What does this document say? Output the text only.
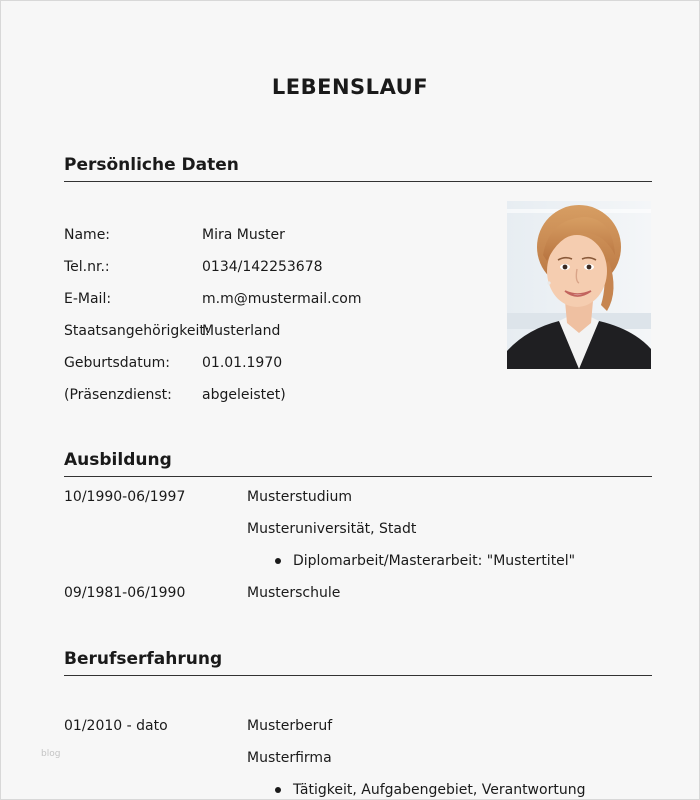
LEBENSLAUF
Persönliche Daten
Name:	Mira Muster
Tel.nr.:	0134/142253678
E-Mail:	m.m@mustermail.com
Staatsangehörigkeit:
Musterland
Geburtsdatum: 01.01.1970
(Präsenzdienst: abgeleistet)
Ausbildung
10/1990-06/1997	Musterstudium
Musteruniversität, Stadt
Diplomarbeit/Masterarbeit: "Mustertitel"
09/1981-06/1990	Musterschule
Berufserfahrung
01/2010 - dato	Musterberuf
Musterfirma
Tätigkeit, Aufgabengebiet, Verantwortung
blog
